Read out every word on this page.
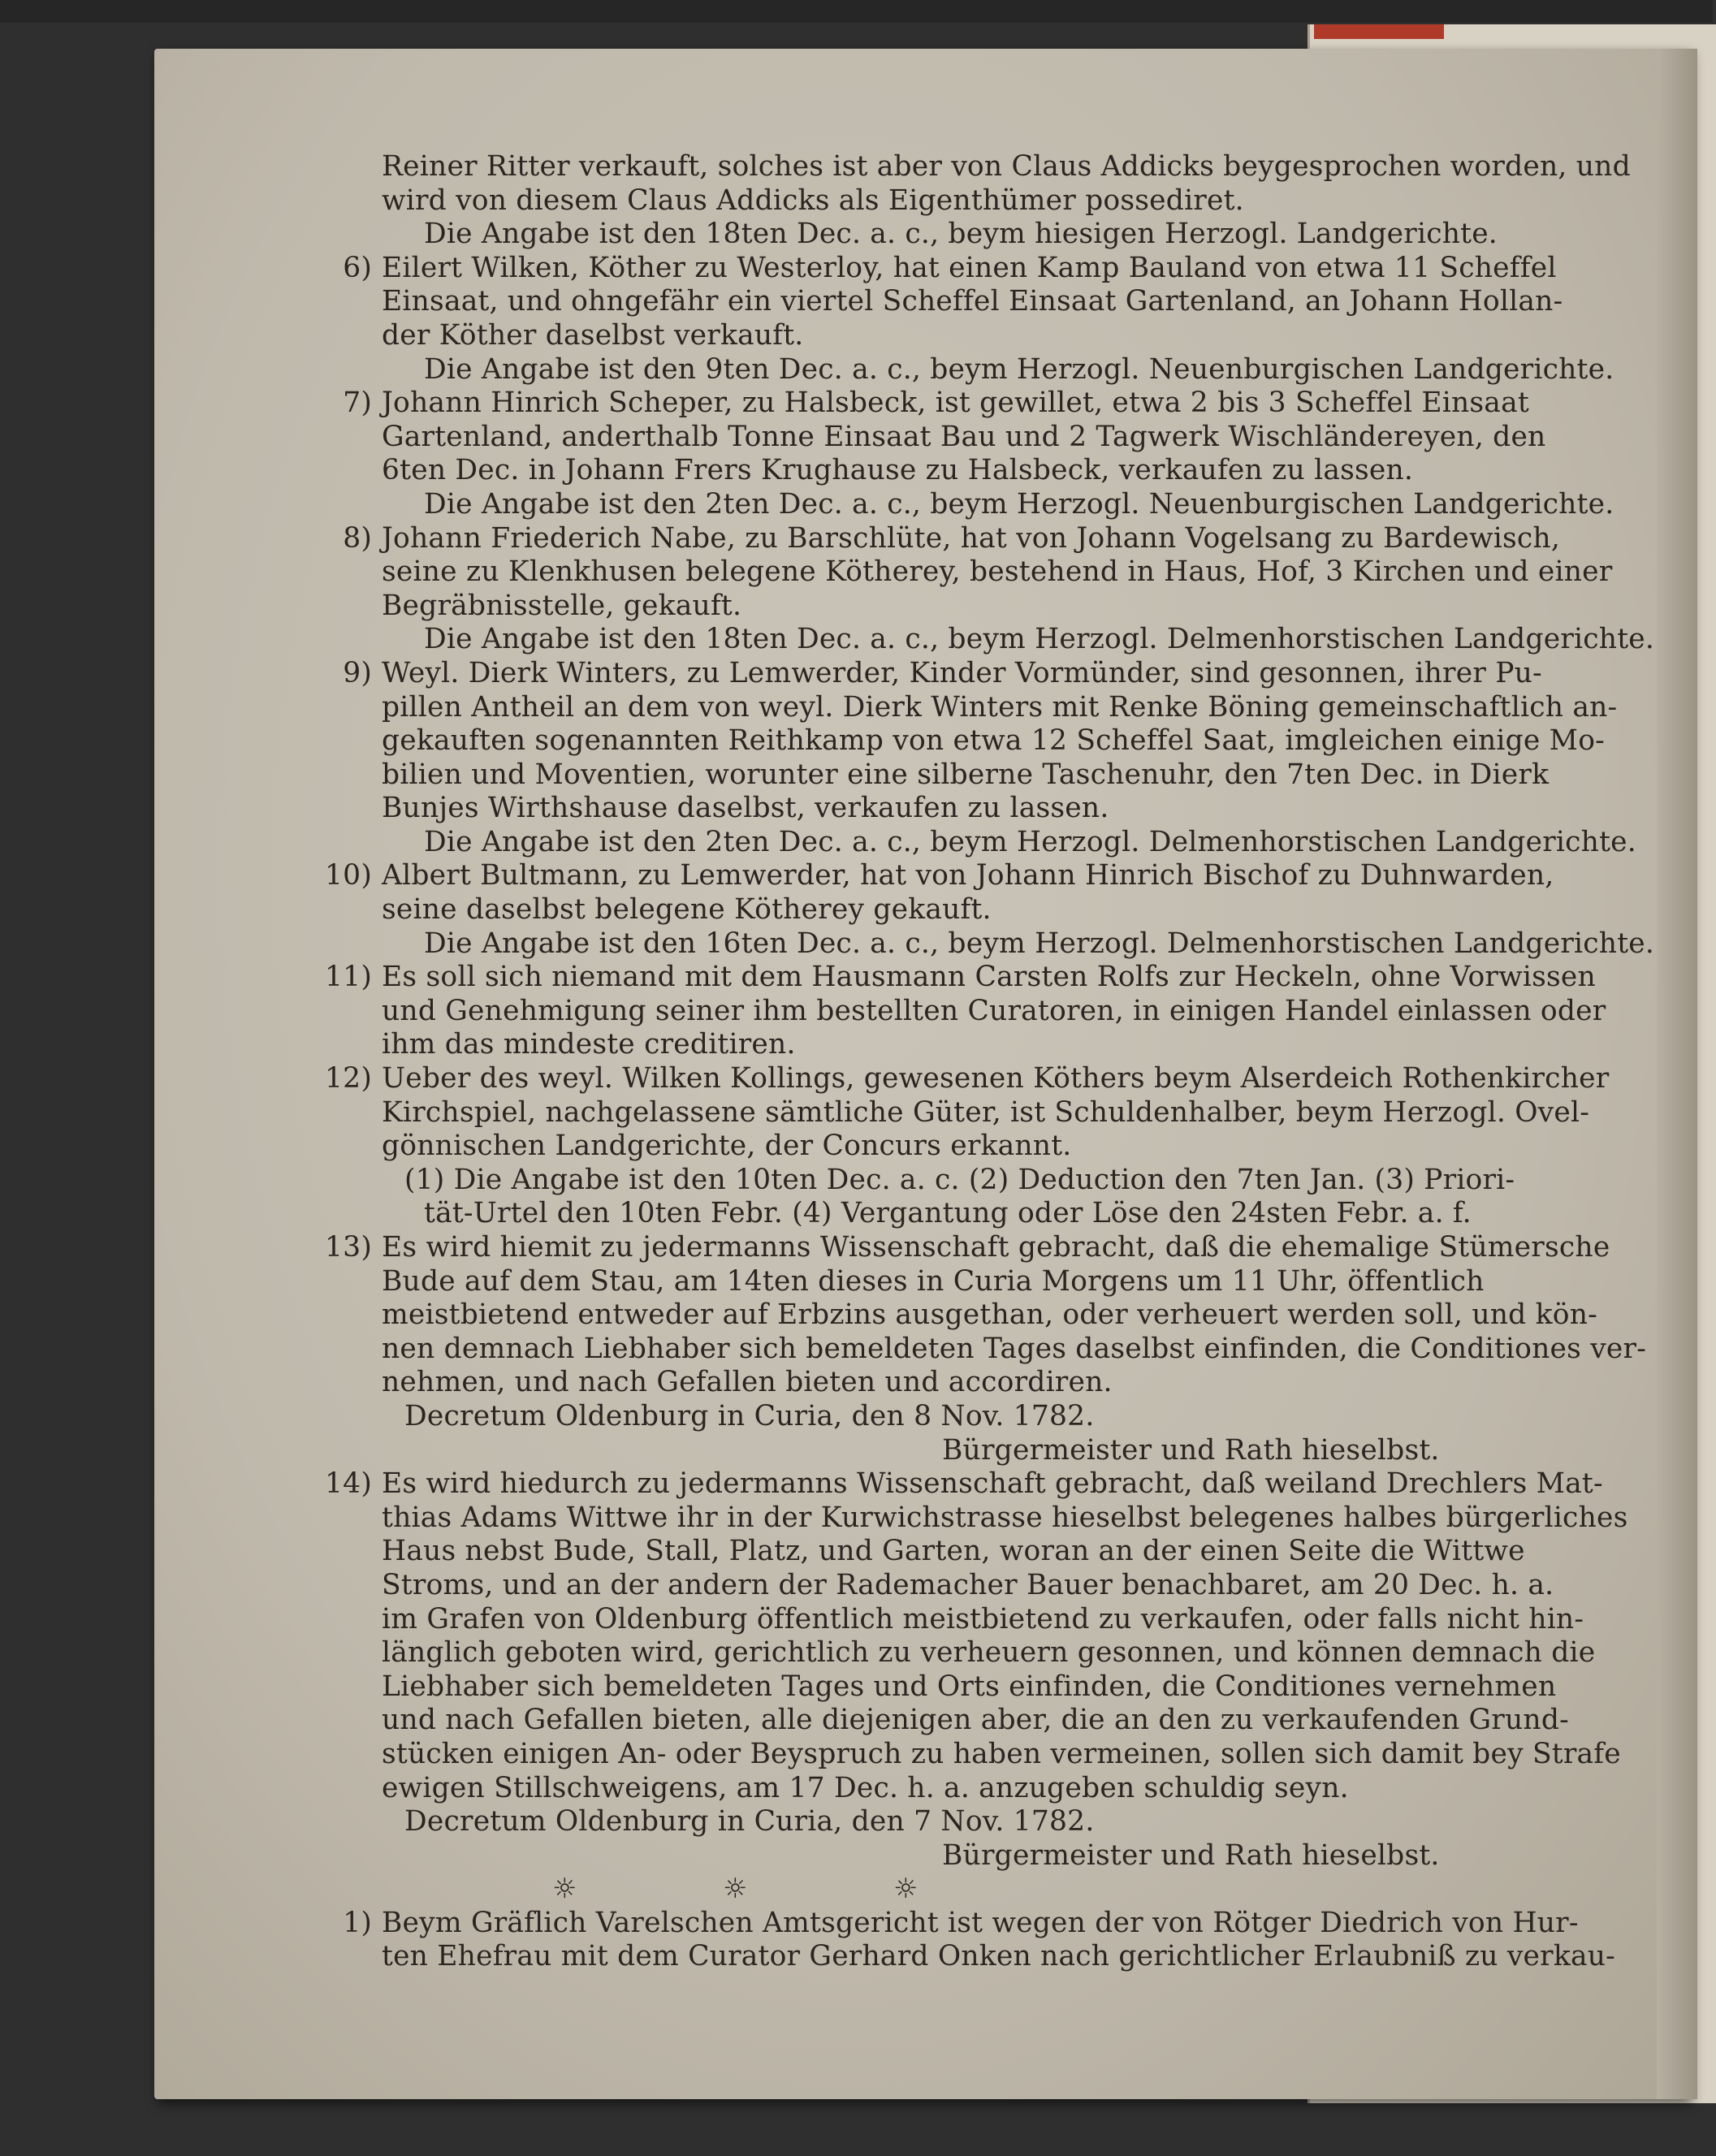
Reiner Ritter verkauft, solches ist aber von Claus Addicks beygesprochen worden, und
wird von diesem Claus Addicks als Eigenthümer possediret.
Die Angabe ist den 18ten Dec. a. c., beym hiesigen Herzogl. Landgerichte.
6) Eilert Wilken, Köther zu Westerloy, hat einen Kamp Bauland von etwa 11 Scheffel
Einsaat, und ohngefähr ein viertel Scheffel Einsaat Gartenland, an Johann Hollan-
der Köther daselbst verkauft.
Die Angabe ist den 9ten Dec. a. c., beym Herzogl. Neuenburgischen Landgerichte.
7) Johann Hinrich Scheper, zu Halsbeck, ist gewillet, etwa 2 bis 3 Scheffel Einsaat
Gartenland, anderthalb Tonne Einsaat Bau und 2 Tagwerk Wischländereyen, den
6ten Dec. in Johann Frers Krughause zu Halsbeck, verkaufen zu lassen.
Die Angabe ist den 2ten Dec. a. c., beym Herzogl. Neuenburgischen Landgerichte.
8) Johann Friederich Nabe, zu Barschlüte, hat von Johann Vogelsang zu Bardewisch,
seine zu Klenkhusen belegene Kötherey, bestehend in Haus, Hof, 3 Kirchen und einer
Begräbnisstelle, gekauft.
Die Angabe ist den 18ten Dec. a. c., beym Herzogl. Delmenhorstischen Landgerichte.
9) Weyl. Dierk Winters, zu Lemwerder, Kinder Vormünder, sind gesonnen, ihrer Pu-
pillen Antheil an dem von weyl. Dierk Winters mit Renke Böning gemeinschaftlich an-
gekauften sogenannten Reithkamp von etwa 12 Scheffel Saat, imgleichen einige Mo-
bilien und Moventien, worunter eine silberne Taschenuhr, den 7ten Dec. in Dierk
Bunjes Wirthshause daselbst, verkaufen zu lassen.
Die Angabe ist den 2ten Dec. a. c., beym Herzogl. Delmenhorstischen Landgerichte.
10) Albert Bultmann, zu Lemwerder, hat von Johann Hinrich Bischof zu Duhnwarden,
seine daselbst belegene Kötherey gekauft.
Die Angabe ist den 16ten Dec. a. c., beym Herzogl. Delmenhorstischen Landgerichte.
11) Es soll sich niemand mit dem Hausmann Carsten Rolfs zur Heckeln, ohne Vorwissen
und Genehmigung seiner ihm bestellten Curatoren, in einigen Handel einlassen oder
ihm das mindeste creditiren.
12) Ueber des weyl. Wilken Kollings, gewesenen Köthers beym Alserdeich Rothenkircher
Kirchspiel, nachgelassene sämtliche Güter, ist Schuldenhalber, beym Herzogl. Ovel-
gönnischen Landgerichte, der Concurs erkannt.
(1) Die Angabe ist den 10ten Dec. a. c. (2) Deduction den 7ten Jan. (3) Priori-
tät-Urtel den 10ten Febr. (4) Vergantung oder Löse den 24sten Febr. a. f.
13) Es wird hiemit zu jedermanns Wissenschaft gebracht, daß die ehemalige Stümersche
Bude auf dem Stau, am 14ten dieses in Curia Morgens um 11 Uhr, öffentlich
meistbietend entweder auf Erbzins ausgethan, oder verheuert werden soll, und kön-
nen demnach Liebhaber sich bemeldeten Tages daselbst einfinden, die Conditiones ver-
nehmen, und nach Gefallen bieten und accordiren.
Decretum Oldenburg in Curia, den 8 Nov. 1782.
Bürgermeister und Rath hieselbst.
14) Es wird hiedurch zu jedermanns Wissenschaft gebracht, daß weiland Drechlers Mat-
thias Adams Wittwe ihr in der Kurwichstrasse hieselbst belegenes halbes bürgerliches
Haus nebst Bude, Stall, Platz, und Garten, woran an der einen Seite die Wittwe
Stroms, und an der andern der Rademacher Bauer benachbaret, am 20 Dec. h. a.
im Grafen von Oldenburg öffentlich meistbietend zu verkaufen, oder falls nicht hin-
länglich geboten wird, gerichtlich zu verheuern gesonnen, und können demnach die
Liebhaber sich bemeldeten Tages und Orts einfinden, die Conditiones vernehmen
und nach Gefallen bieten, alle diejenigen aber, die an den zu verkaufenden Grund-
stücken einigen An- oder Beyspruch zu haben vermeinen, sollen sich damit bey Strafe
ewigen Stillschweigens, am 17 Dec. h. a. anzugeben schuldig seyn.
Decretum Oldenburg in Curia, den 7 Nov. 1782.
Bürgermeister und Rath hieselbst.
☼	☼	☼
1) Beym Gräflich Varelschen Amtsgericht ist wegen der von Rötger Diedrich von Hur-
ten Ehefrau mit dem Curator Gerhard Onken nach gerichtlicher Erlaubniß zu verkau-
